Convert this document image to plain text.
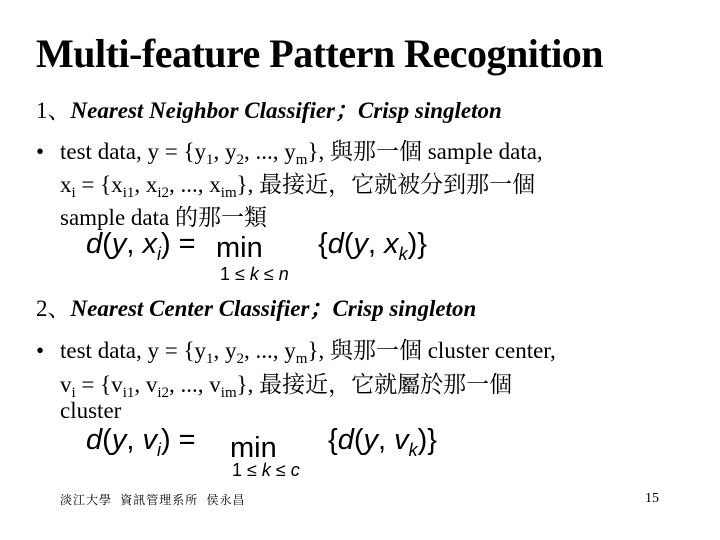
Multi-feature Pattern Recognition
1、Nearest Neighbor Classifier；Crisp singleton
• test data, $y = \{y_1$, $y_2$, ..., $y_m$}, 與那一個 sample data,
$x_i = \{x_{i1}$, $x_{i2}$, ..., $x_{im}$}, 最接近，它就被分到那一個
sample data 的那一類
d(y, $x_i) = \min \{d(y$, $x_k$)}
1 ≤ k ≤ n
2、Nearest Center Classifier；Crisp singleton
• test data, $y = \{y_1$, $y_2$, ..., $y_m$}, 與那一個 cluster center,
$v_i = \{v_{i1}$, $v_{i2}$, ..., $v_{im}$}, 最接近，它就屬於那一個
cluster
d(y, $v_i) = \min \{d(y$, $v_k$)}
1 ≤ k ≤ c
淡江大學 資訊管理系所 侯永昌	15
